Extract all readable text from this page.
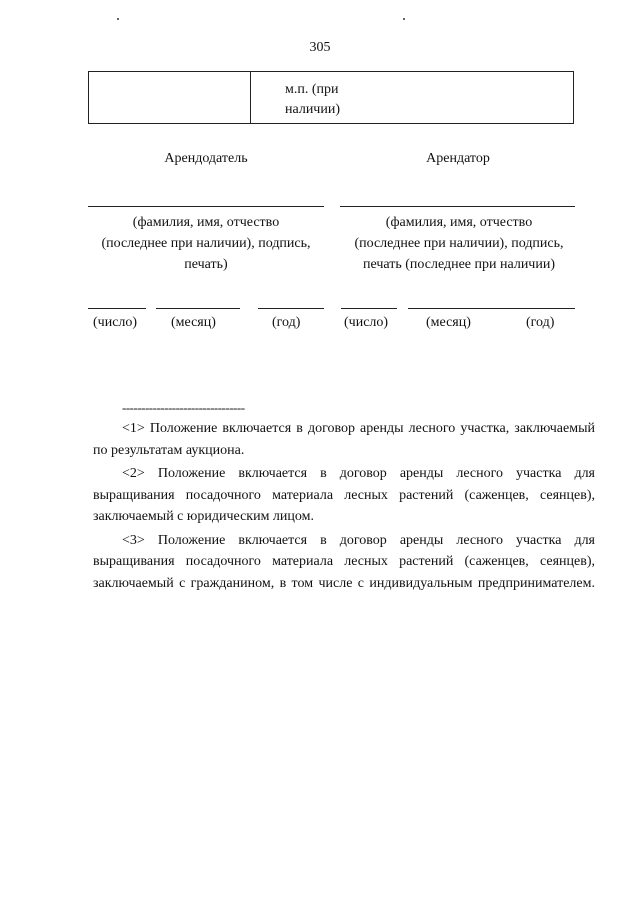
305
м.п. (при
наличии)
Арендодатель
(фамилия, имя, отчество
(последнее при наличии), подпись,
печать)
Арендатор
(фамилия, имя, отчество
(последнее при наличии), подпись,
печать (последнее при наличии)
(число) (месяц)	(год)	(число)	(месяц)	(год)
--------------------------------

<1> Положение включается в договор аренды лесного участка, заключаемый по результатам аукциона.

<2> Положение включается в договор аренды лесного участка для выращивания посадочного материала лесных растений (саженцев, сеянцев), заключаемый с юридическим лицом.

<3> Положение включается в договор аренды лесного участка для выращивания посадочного материала лесных растений (саженцев, сеянцев), заключаемый с гражданином, в том числе с индивидуальным предпринимателем.
